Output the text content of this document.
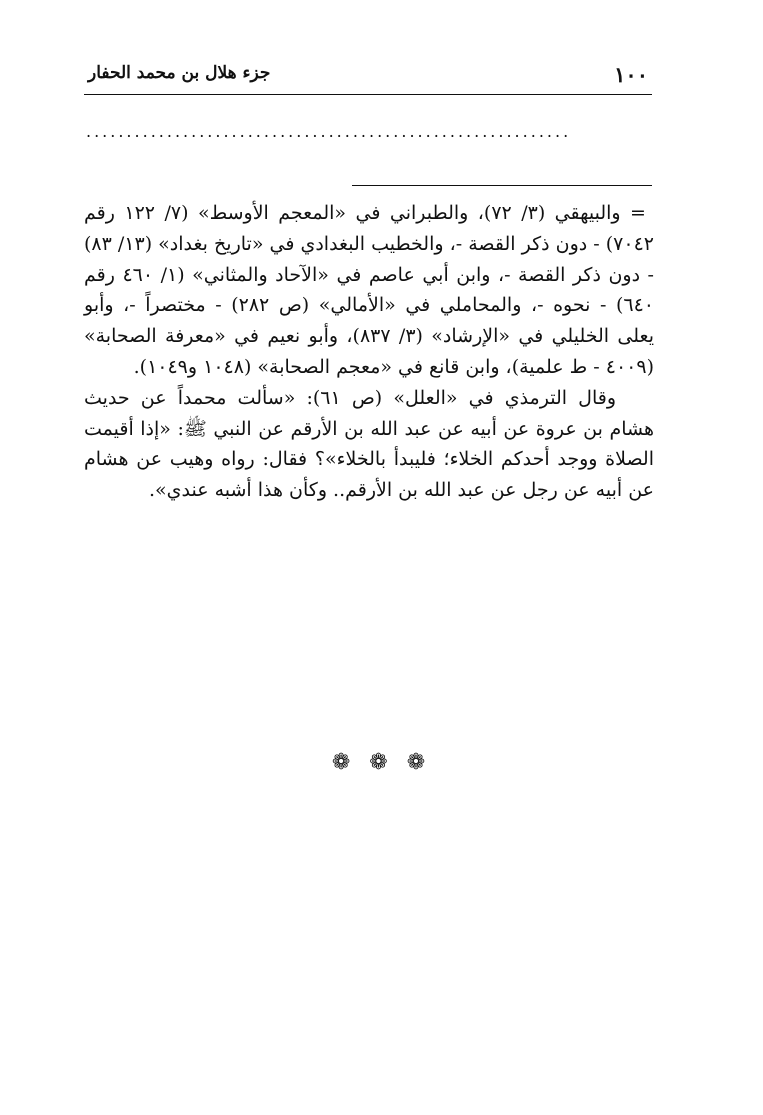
١٠٠
جزء هلال بن محمد الحفار
............................................................

= والبيهقي (٣/ ٧٢)، والطبراني في «المعجم الأوسط» (٧/ ١٢٢ رقم ٧٠٤٢) - دون ذكر القصة -، والخطيب البغدادي في «تاريخ بغداد» (١٣/ ٨٣) - دون ذكر القصة -، وابن أبي عاصم في «الآحاد والمثاني» (١/ ٤٦٠ رقم ٦٤٠) - نحوه -، والمحاملي في «الأمالي» (ص ٢٨٢) - مختصراً -، وأبو يعلى الخليلي في «الإرشاد» (٣/ ٨٣٧)، وأبو نعيم في «معرفة الصحابة» (٤٠٠٩ - ط علمية)، وابن قانع في «معجم الصحابة» (١٠٤٨ و١٠٤٩).

وقال الترمذي في «العلل» (ص ٦١): «سألت محمداً عن حديث هشام بن عروة عن أبيه عن عبد الله بن الأرقم عن النبي ﷺ: «إذا أقيمت الصلاة ووجد أحدكم الخلاء؛ فليبدأ بالخلاء»؟ فقال: رواه وهيب عن هشام عن أبيه عن رجل عن عبد الله بن الأرقم.. وكأن هذا أشبه عندي».

❁ ❁ ❁
